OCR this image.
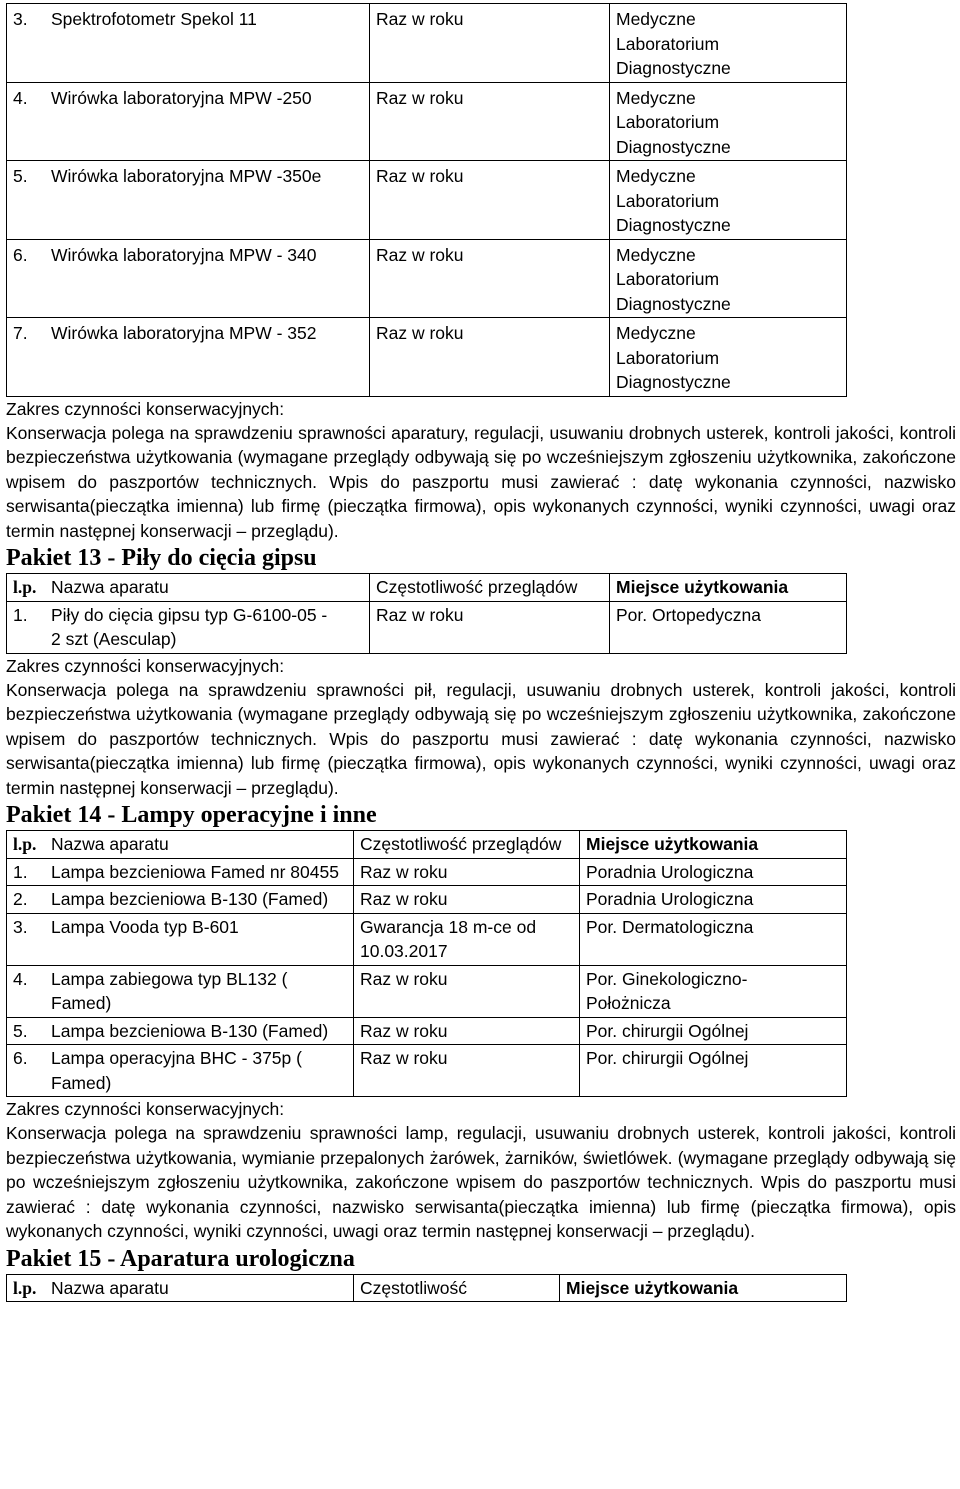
3. Spektrofotometr Spekol 11	Raz w roku	Medyczne Laboratorium Diagnostyczne

4. Wirówka laboratoryjna MPW -250	Raz w roku	Medyczne Laboratorium Diagnostyczne

5. Wirówka laboratoryjna MPW -350e	Raz w roku	Medyczne Laboratorium Diagnostyczne

6. Wirówka laboratoryjna MPW - 340	Raz w roku	Medyczne Laboratorium Diagnostyczne

7. Wirówka laboratoryjna MPW - 352	Raz w roku	Medyczne Laboratorium Diagnostyczne

Zakres czynności konserwacyjnych:

Konserwacja polega na sprawdzeniu sprawności aparatury, regulacji, usuwaniu drobnych usterek, kontroli jakości, kontroli bezpieczeństwa użytkowania (wymagane przeglądy odbywają się po wcześniejszym zgłoszeniu użytkownika, zakończone wpisem do paszportów technicznych. Wpis do paszportu musi zawierać : datę wykonania czynności, nazwisko serwisanta(pieczątka imienna) lub firmę (pieczątka firmowa), opis wykonanych czynności, wyniki czynności, uwagi oraz termin następnej konserwacji – przeglądu).

Pakiet 13 - Piły do cięcia gipsu

l.p. Nazwa aparatu	Częstotliwość przeglądów	Miejsce użytkowania

1. Piły do cięcia gipsu typ G-6100-05 - 2 szt (Aesculap)	Raz w roku	Por. Ortopedyczna

Zakres czynności konserwacyjnych:

Konserwacja polega na sprawdzeniu sprawności pił, regulacji, usuwaniu drobnych usterek, kontroli jakości, kontroli bezpieczeństwa użytkowania (wymagane przeglądy odbywają się po wcześniejszym zgłoszeniu użytkownika, zakończone wpisem do paszportów technicznych. Wpis do paszportu musi zawierać : datę wykonania czynności, nazwisko serwisanta(pieczątka imienna) lub firmę (pieczątka firmowa), opis wykonanych czynności, wyniki czynności, uwagi oraz termin następnej konserwacji – przeglądu).

Pakiet 14 - Lampy operacyjne i inne

l.p. Nazwa aparatu	Częstotliwość przeglądów	Miejsce użytkowania

1. Lampa bezcieniowa Famed nr 80455	Raz w roku	Poradnia Urologiczna

2. Lampa bezcieniowa B-130 (Famed)	Raz w roku	Poradnia Urologiczna

3. Lampa Vooda typ B-601	Gwarancja 18 m-ce od 10.03.2017	Por. Dermatologiczna

4. Lampa zabiegowa typ BL132 ( Famed)	Raz w roku	Por. Ginekologiczno-Położnicza

5. Lampa bezcieniowa B-130 (Famed)	Raz w roku	Por. chirurgii Ogólnej

6. Lampa operacyjna BHC - 375p ( Famed)	Raz w roku	Por. chirurgii Ogólnej

Zakres czynności konserwacyjnych:

Konserwacja polega na sprawdzeniu sprawności lamp, regulacji, usuwaniu drobnych usterek, kontroli jakości, kontroli bezpieczeństwa użytkowania, wymianie przepalonych żarówek, żarników, świetlówek. (wymagane przeglądy odbywają się po wcześniejszym zgłoszeniu użytkownika, zakończone wpisem do paszportów technicznych. Wpis do paszportu musi zawierać : datę wykonania czynności, nazwisko serwisanta(pieczątka imienna) lub firmę (pieczątka firmowa), opis wykonanych czynności, wyniki czynności, uwagi oraz termin następnej konserwacji – przeglądu).

Pakiet 15 - Aparatura urologiczna

l.p. Nazwa aparatu	Częstotliwość	Miejsce użytkowania
